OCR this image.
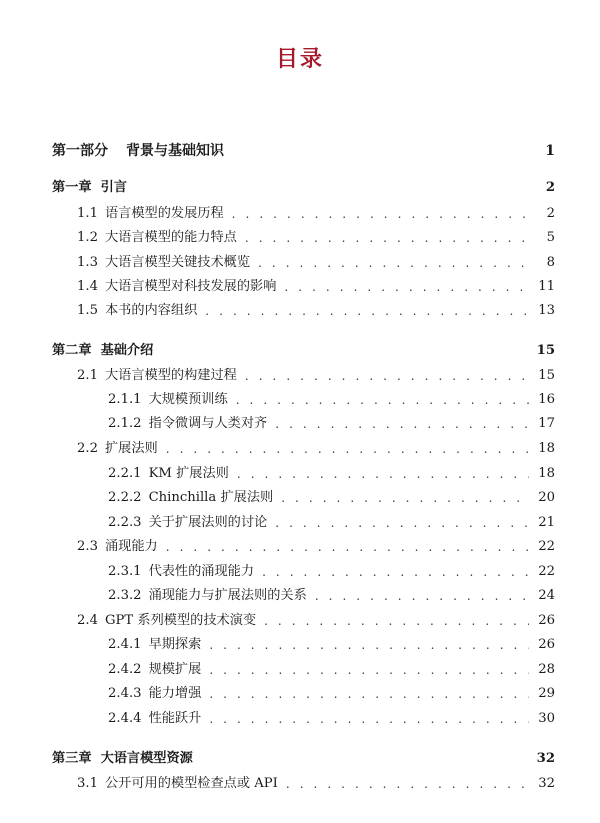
目录
第一部分 背景与基础知识	1
第一章 引言	2
1.1 语言模型的发展历程 . . .	2
1.2 大语言模型的能力特点 . . .	5
1.3 大语言模型关键技术概览 . . .	8
1.4 大语言模型对科技发展的影响 . . .	11
1.5 本书的内容组织 . . .	13
第二章 基础介绍	15
2.1 大语言模型的构建过程 . . .	15
2.1.1 大规模预训练 . . .	16
2.1.2 指令微调与人类对齐 . . .	17
2.2 扩展法则 . . .	18
2.2.1 KM 扩展法则 . . .	18
2.2.2 Chinchilla 扩展法则 . . .	20
2.2.3 关于扩展法则的讨论 . . .	21
2.3 涌现能力 . . .	22
2.3.1 代表性的涌现能力 . . .	22
2.3.2 涌现能力与扩展法则的关系 . . .	24
2.4 GPT 系列模型的技术演变 . . .	26
2.4.1 早期探索 . . .	26
2.4.2 规模扩展 . . .	28
2.4.3 能力增强 . . .	29
2.4.4 性能跃升 . . .	30
第三章 大语言模型资源	32
3.1 公开可用的模型检查点或 API . . .	32
